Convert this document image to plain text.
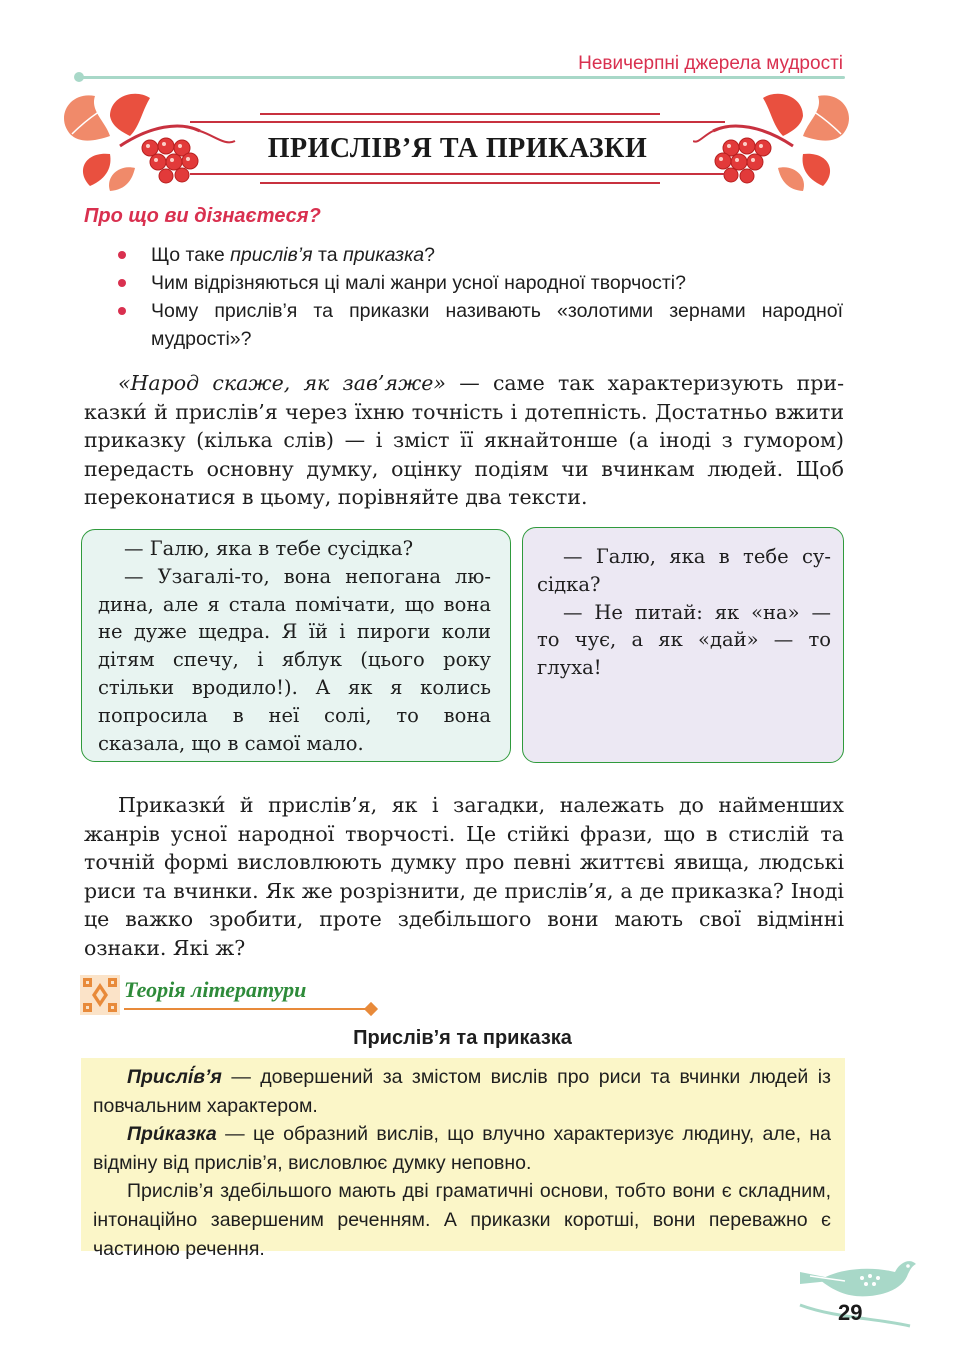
Невичерпні джерела мудрості
ПРИСЛІВ’Я ТА ПРИКАЗКИ
Про що ви дізнаєтеся?
Що таке прислів’я та приказка?
Чим відрізняються ці малі жанри усної народної творчості?
Чому прислів’я та приказки називають «золотими зернами народної мудрості»?

«Народ скаже, як зав’яже» — саме так характеризують приказки́ й прислів’я через їхню точність і дотепність. Достатньо вжити приказку (кілька слів) — і зміст її якнайтонше (а іноді з гумором) передасть основну думку, оцінку подіям чи вчинкам людей. Щоб переконатися в цьому, порівняйте два тексти.

— Галю, яка в тебе сусідка?

— Узагалі-то, вона непогана людина, але я стала помічати, що вона не дуже щедра. Я їй і пироги коли дітям спечу, і яблук (цього року стільки вродило!). А як я колись попросила в неї солі, то вона сказала, що в самої мало.

— Галю, яка в тебе сусідка?

— Не питай: як «на» — то чує, а як «дай» — то глуха!

Приказки́ й прислів’я, як і загадки, належать до найменших жанрів усної народної творчості. Це стійкі фрази, що в стислій та точній формі висловлюють думку про певні життєві явища, людські риси та вчинки. Як же розрізнити, де прислів’я, а де приказка? Іноді це важко зробити, проте здебільшого вони мають свої відмінні ознаки. Які ж?

Теорія літератури
Прислів’я та приказка

Прислі́в’я — довершений за змістом вислів про риси та вчинки людей із повчальним характером.

При́казка — це образний вислів, що влучно характеризує людину, але, на відміну від прислів’я, висловлює думку неповно.

Прислів’я здебільшого мають дві граматичні основи, тобто вони є складним, інтонаційно завершеним реченням. А приказки коротші, вони переважно є частиною речення.

29
